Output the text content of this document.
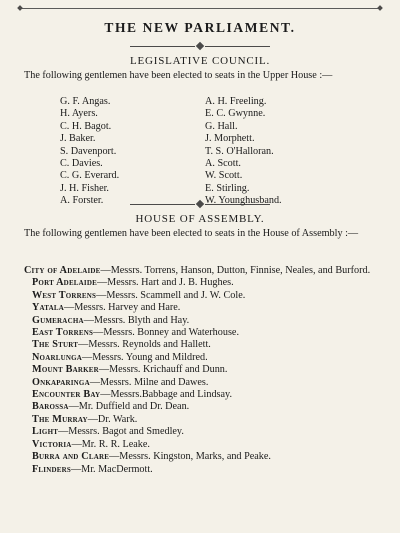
THE NEW PARLIAMENT.
LEGISLATIVE COUNCIL.
The following gentlemen have been elected to seats in the Upper House :—
G. F. Angas.	A. H. Freeling.
H. Ayers.	E. C. Gwynne.
C. H. Bagot.	G. Hall.
J. Baker.	J. Morphett.
S. Davenport.	T. S. O'Halloran.
C. Davies.	A. Scott.
C. G. Everard.	W. Scott.
J. H. Fisher.	E. Stirling.
A. Forster.	W. Younghusband.
HOUSE OF ASSEMBLY.
The following gentlemen have been elected to seats in the House of Assembly :—
City of Adelaide—Messrs. Torrens, Hanson, Dutton, Finnise, Neales, and Burford.
Port Adelaide—Messrs. Hart and J. B. Hughes.
West Torrens—Messrs. Scammell and J. W. Cole.
Yatala—Messrs. Harvey and Hare.
Gumeracha—Messrs. Blyth and Hay.
East Torrens—Messrs. Bonney and Waterhouse.
The Sturt—Messrs. Reynolds and Hallett.
Noarlunga—Messrs. Young and Mildred.
Mount Barker—Messrs. Krichauff and Dunn.
Onkaparinga—Messrs. Milne and Dawes.
Encounter Bay—Messrs.Babbage and Lindsay.
Barossa—Mr. Duffield and Dr. Dean.
The Murray—Dr. Wark.
Light—Messrs. Bagot and Smedley.
Victoria—Mr. R. R. Leake.
Burra and Clare—Messrs. Kingston, Marks, and Peake.
Flinders—Mr. MacDermott.
